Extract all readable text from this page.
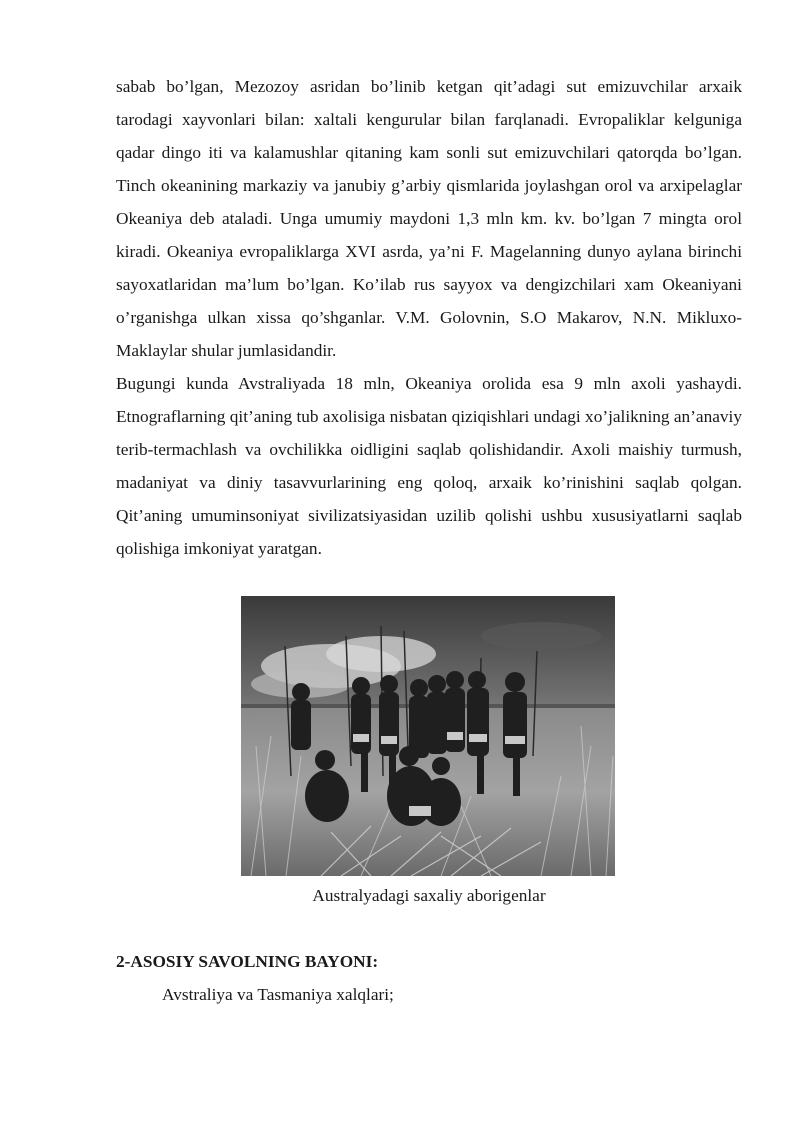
sabab bo’lgan, Mezozoy asridan bo’linib ketgan qit’adagi sut emizuvchilar arxaik tarodagi xayvonlari bilan: xaltali kengurular bilan farqlanadi. Evropaliklar kelguniga qadar dingo iti va kalamushlar qitaning kam sonli sut emizuvchilari qatorqda bo’lgan. Tinch okeanining markaziy va janubiy g’arbiy qismlarida joylashgan orol va arxipelaglar Okeaniya deb ataladi. Unga umumiy maydoni 1,3 mln km. kv. bo’lgan 7 mingta orol kiradi. Okeaniya evropaliklarga XVI asrda, ya’ni F. Magelanning dunyo aylana birinchi sayoxatlaridan ma’lum bo’lgan. Ko’ilab rus sayyox va dengizchilari xam Okeaniyani o’rganishga ulkan xissa qo’shganlar. V.M. Golovnin, S.O Makarov, N.N. Mikluxo-Maklaylar shular jumlasidandir.

Bugungi kunda Avstraliyada 18 mln, Okeaniya orolida esa 9 mln axoli yashaydi. Etnograflarning qit’aning tub axolisiga nisbatan qiziqishlari undagi xo’jalikning an’anaviy terib-termachlash va ovchilikka oidligini saqlab qolishidandir. Axoli maishiy turmush, madaniyat va diniy tasavvurlarining eng qoloq, arxaik ko’rinishini saqlab qolgan. Qit’aning umuminsoniyat sivilizatsiyasidan uzilib qolishi ushbu xususiyatlarni saqlab qolishiga imkoniyat yaratgan.

Australyadagi saxaliy aborigenlar

2-ASOSIY SAVOLNING BAYONI:

Avstraliya va Tasmaniya xalqlari;
